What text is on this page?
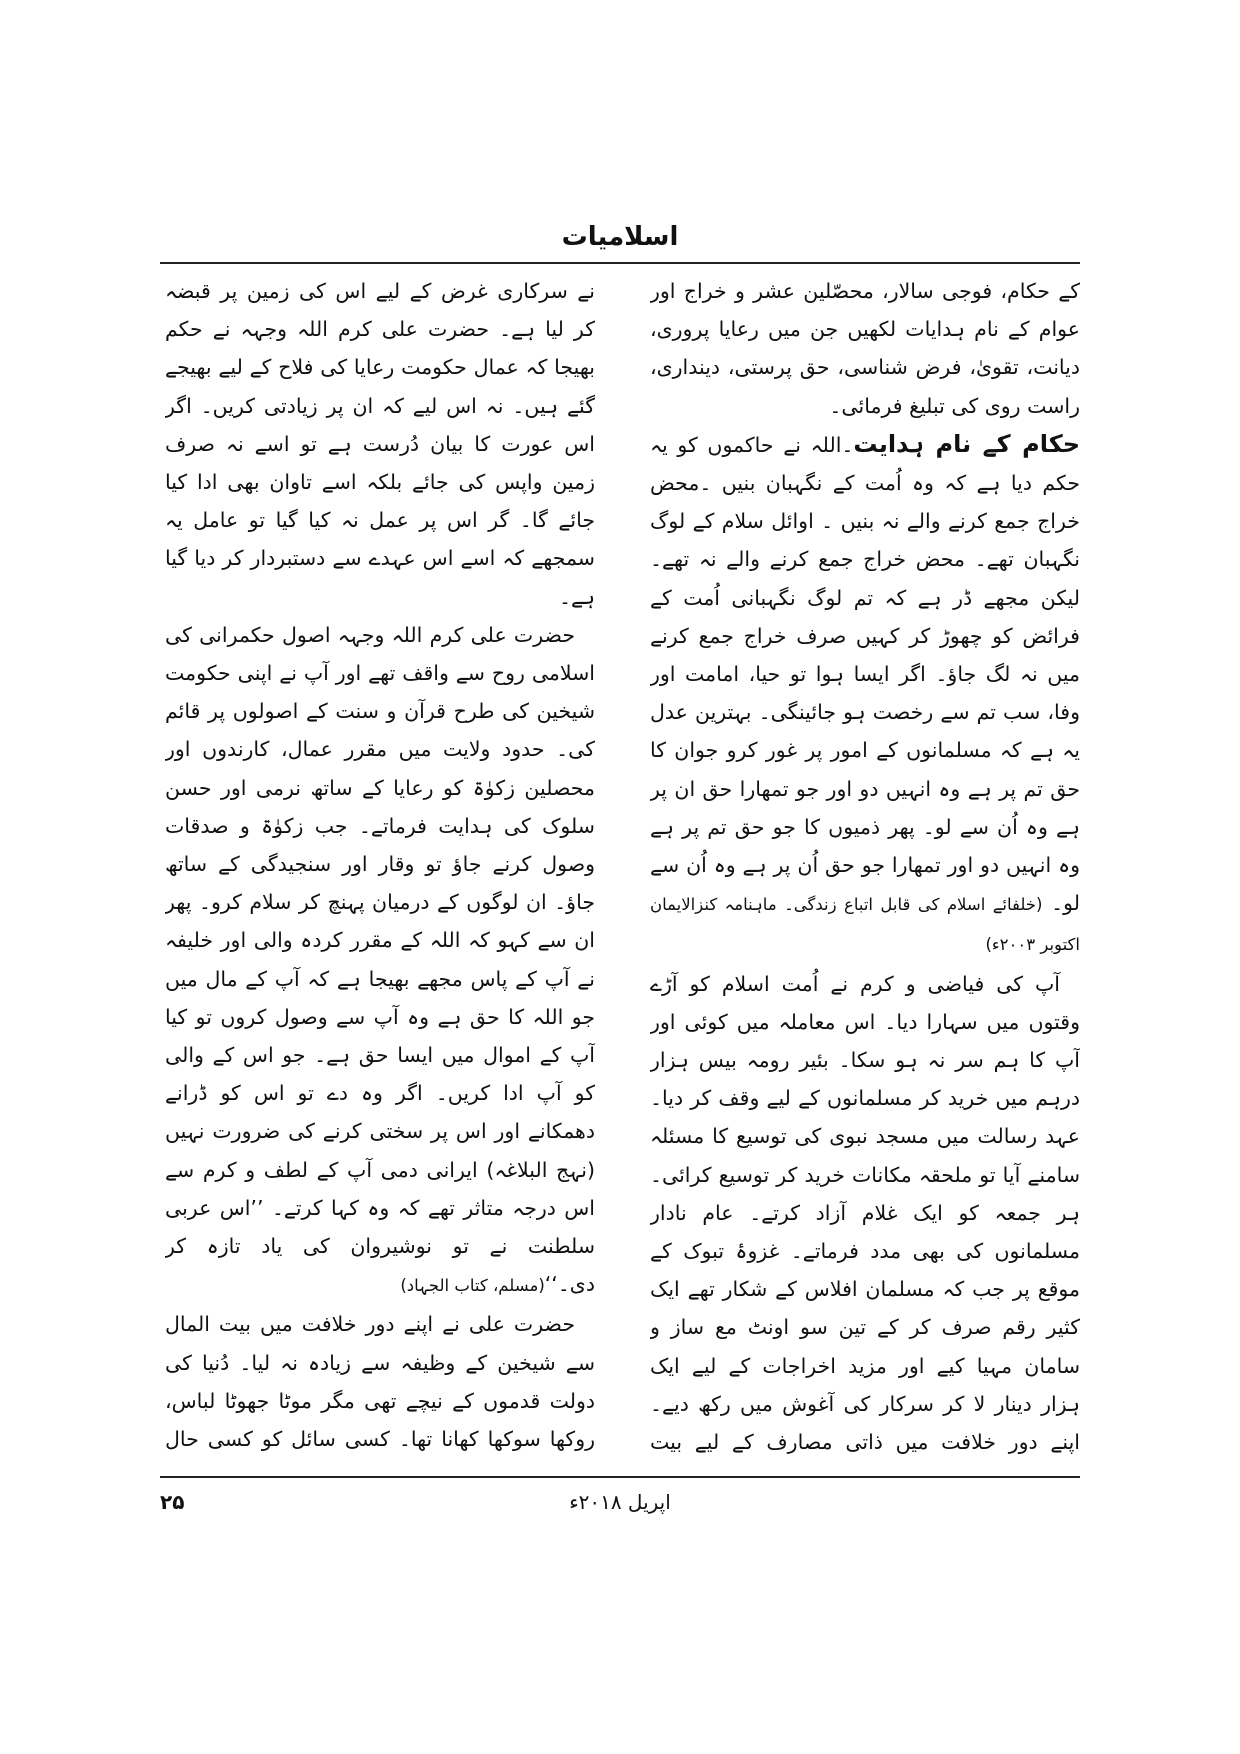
اسلامیات

کے حکام، فوجی سالار، محصّلین عشر و خراج اور عوام کے نام ہدایات لکھیں جن میں رعایا پروری، دیانت، تقویٰ، فرض شناسی، حق پرستی، دینداری، راست روی کی تبلیغ فرمائی۔

حکام کے نام ہدایت۔اللہ نے حاکموں کو یہ حکم دیا ہے کہ وہ اُمت کے نگہبان بنیں ۔محض خراج جمع کرنے والے نہ بنیں ۔ اوائل سلام کے لوگ نگہبان تھے۔ محض خراج جمع کرنے والے نہ تھے۔ لیکن مجھے ڈر ہے کہ تم لوگ نگہبانی اُمت کے فرائض کو چھوڑ کر کہیں صرف خراج جمع کرنے میں نہ لگ جاؤ۔ اگر ایسا ہوا تو حیا، امامت اور وفا، سب تم سے رخصت ہو جائینگی۔ بہترین عدل یہ ہے کہ مسلمانوں کے امور پر غور کرو جوان کا حق تم پر ہے وہ انہیں دو اور جو تمھارا حق ان پر ہے وہ اُن سے لو۔ پھر ذمیوں کا جو حق تم پر ہے وہ انہیں دو اور تمھارا جو حق اُن پر ہے وہ اُن سے لو۔ (خلفائے اسلام کی قابل اتباع زندگی۔ ماہنامہ کنزالایمان اکتوبر ۲۰۰۳ء)

آپ کی فیاضی و کرم نے اُمت اسلام کو آڑے وقتوں میں سہارا دیا۔ اس معاملہ میں کوئی اور آپ کا ہم سر نہ ہو سکا۔ بئیر رومہ بیس ہزار درہم میں خرید کر مسلمانوں کے لیے وقف کر دیا۔ عہد رسالت میں مسجد نبوی کی توسیع کا مسئلہ سامنے آیا تو ملحقہ مکانات خرید کر توسیع کرائی۔ ہر جمعہ کو ایک غلام آزاد کرتے۔ عام نادار مسلمانوں کی بھی مدد فرماتے۔ غزوۂ تبوک کے موقع پر جب کہ مسلمان افلاس کے شکار تھے ایک کثیر رقم صرف کر کے تین سو اونٹ مع ساز و سامان مہیا کیے اور مزید اخراجات کے لیے ایک ہزار دینار لا کر سرکار کی آغوش میں رکھ دیے۔ اپنے دور خلافت میں ذاتی مصارف کے لیے بیت

نے سرکاری غرض کے لیے اس کی زمین پر قبضہ کر لیا ہے۔ حضرت علی کرم اللہ وجہہ نے حکم بھیجا کہ عمال حکومت رعایا کی فلاح کے لیے بھیجے گئے ہیں۔ نہ اس لیے کہ ان پر زیادتی کریں۔ اگر اس عورت کا بیان دُرست ہے تو اسے نہ صرف زمین واپس کی جائے بلکہ اسے تاوان بھی ادا کیا جائے گا۔ گر اس پر عمل نہ کیا گیا تو عامل یہ سمجھے کہ اسے اس عہدے سے دستبردار کر دیا گیا ہے۔

حضرت علی کرم اللہ وجہہ اصول حکمرانی کی اسلامی روح سے واقف تھے اور آپ نے اپنی حکومت شیخین کی طرح قرآن و سنت کے اصولوں پر قائم کی۔ حدود ولایت میں مقرر عمال، کارندوں اور محصلین زکوٰۃ کو رعایا کے ساتھ نرمی اور حسن سلوک کی ہدایت فرماتے۔ جب زکوٰۃ و صدقات وصول کرنے جاؤ تو وقار اور سنجیدگی کے ساتھ جاؤ۔ ان لوگوں کے درمیان پہنچ کر سلام کرو۔ پھر ان سے کہو کہ اللہ کے مقرر کردہ والی اور خلیفہ نے آپ کے پاس مجھے بھیجا ہے کہ آپ کے مال میں جو اللہ کا حق ہے وہ آپ سے وصول کروں تو کیا آپ کے اموال میں ایسا حق ہے۔ جو اس کے والی کو آپ ادا کریں۔ اگر وہ دے تو اس کو ڈرانے دھمکانے اور اس پر سختی کرنے کی ضرورت نہیں (نہج البلاغہ) ایرانی دمی آپ کے لطف و کرم سے اس درجہ متاثر تھے کہ وہ کہا کرتے۔ ’’اس عربی سلطنت نے تو نوشیروان کی یاد تازہ کر دی۔‘‘(مسلم، کتاب الجہاد)

حضرت علی نے اپنے دور خلافت میں بیت المال سے شیخین کے وظیفہ سے زیادہ نہ لیا۔ دُنیا کی دولت قدموں کے نیچے تھی مگر موٹا جھوٹا لباس، روکھا سوکھا کھانا تھا۔ کسی سائل کو کسی حال

اپریل ۲۰۱۸ء
۲۵
